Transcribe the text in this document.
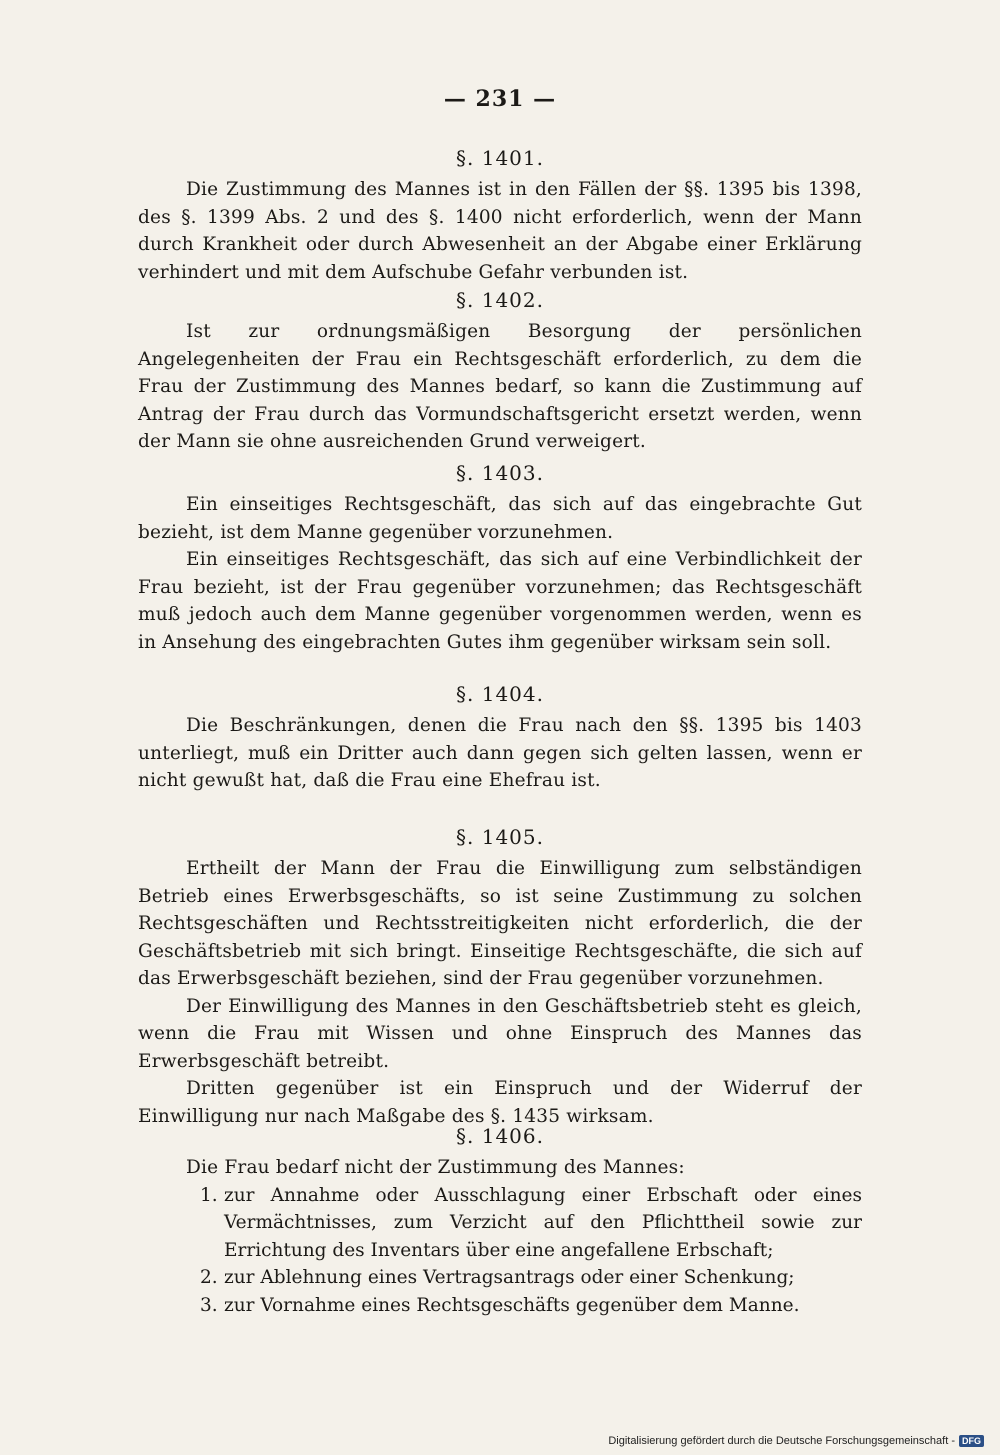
— 231 —
§. 1401.

Die Zustimmung des Mannes ist in den Fällen der §§. 1395 bis 1398, des §. 1399 Abs. 2 und des §. 1400 nicht erforderlich, wenn der Mann durch Krankheit oder durch Abwesenheit an der Abgabe einer Erklärung verhindert und mit dem Aufschube Gefahr verbunden ist.

§. 1402.

Ist zur ordnungsmäßigen Besorgung der persönlichen Angelegenheiten der Frau ein Rechtsgeschäft erforderlich, zu dem die Frau der Zustimmung des Mannes bedarf, so kann die Zustimmung auf Antrag der Frau durch das Vormundschaftsgericht ersetzt werden, wenn der Mann sie ohne ausreichenden Grund verweigert.

§. 1403.

Ein einseitiges Rechtsgeschäft, das sich auf das eingebrachte Gut bezieht, ist dem Manne gegenüber vorzunehmen.

Ein einseitiges Rechtsgeschäft, das sich auf eine Verbindlichkeit der Frau bezieht, ist der Frau gegenüber vorzunehmen; das Rechtsgeschäft muß jedoch auch dem Manne gegenüber vorgenommen werden, wenn es in Ansehung des eingebrachten Gutes ihm gegenüber wirksam sein soll.

§. 1404.

Die Beschränkungen, denen die Frau nach den §§. 1395 bis 1403 unterliegt, muß ein Dritter auch dann gegen sich gelten lassen, wenn er nicht gewußt hat, daß die Frau eine Ehefrau ist.

§. 1405.

Ertheilt der Mann der Frau die Einwilligung zum selbständigen Betrieb eines Erwerbsgeschäfts, so ist seine Zustimmung zu solchen Rechtsgeschäften und Rechtsstreitigkeiten nicht erforderlich, die der Geschäftsbetrieb mit sich bringt. Einseitige Rechtsgeschäfte, die sich auf das Erwerbsgeschäft beziehen, sind der Frau gegenüber vorzunehmen.

Der Einwilligung des Mannes in den Geschäftsbetrieb steht es gleich, wenn die Frau mit Wissen und ohne Einspruch des Mannes das Erwerbsgeschäft betreibt.

Dritten gegenüber ist ein Einspruch und der Widerruf der Einwilligung nur nach Maßgabe des §. 1435 wirksam.

§. 1406.

Die Frau bedarf nicht der Zustimmung des Mannes:

1. zur Annahme oder Ausschlagung einer Erbschaft oder eines Vermächtnisses, zum Verzicht auf den Pflichttheil sowie zur Errichtung des Inventars über eine angefallene Erbschaft;
2. zur Ablehnung eines Vertragsantrags oder einer Schenkung;
3. zur Vornahme eines Rechtsgeschäfts gegenüber dem Manne.
Digitalisierung gefördert durch die Deutsche Forschungsgemeinschaft - DFG
